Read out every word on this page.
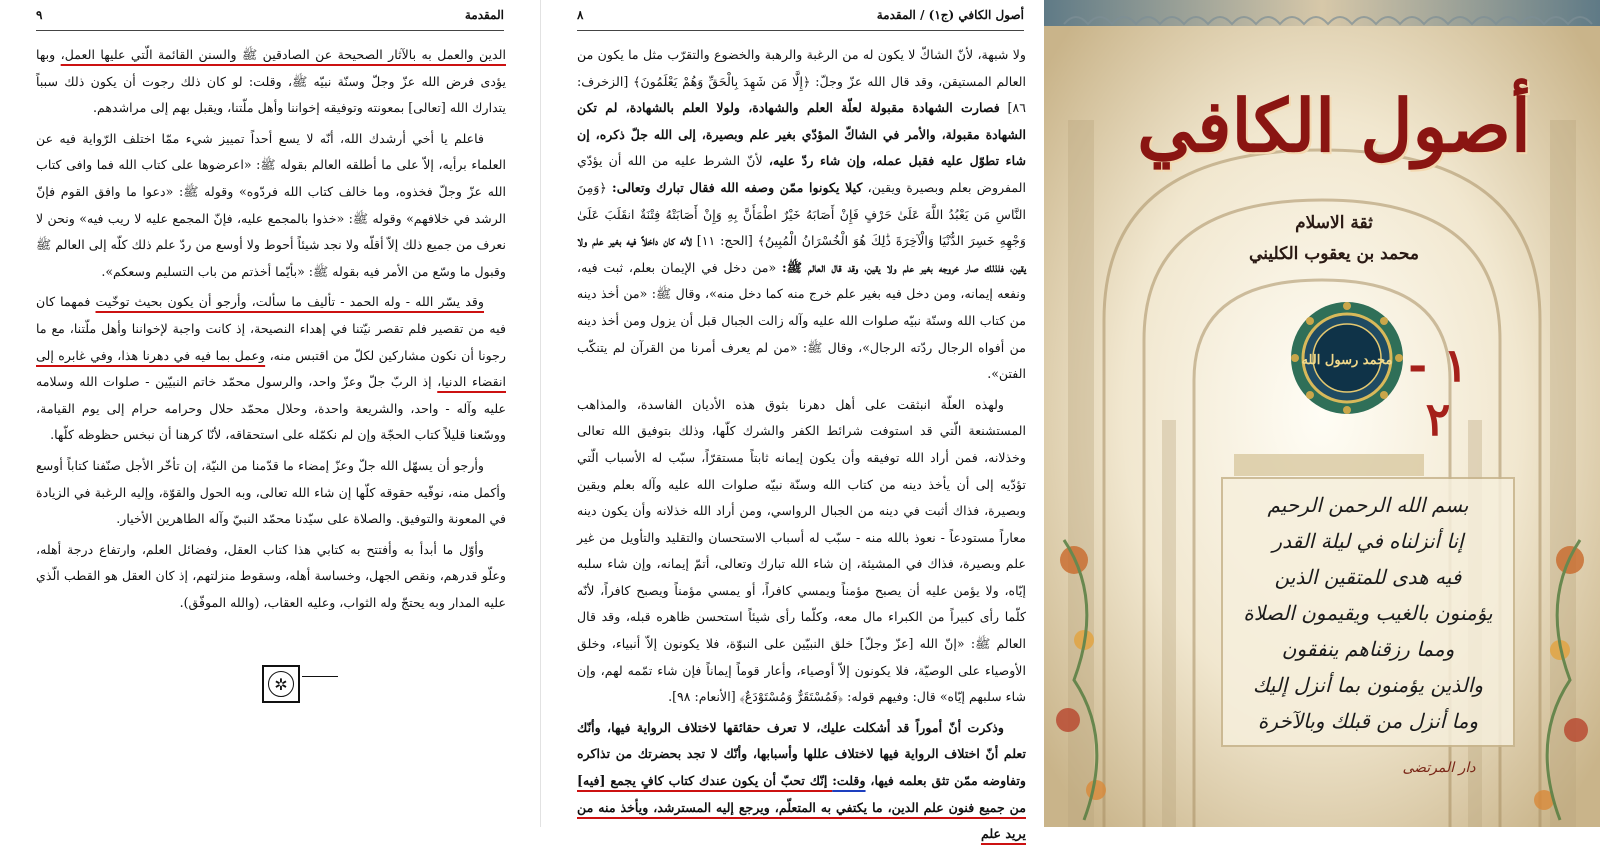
٩	المقدمة

الدين والعمل به بالآثار الصحيحة عن الصادقين ﷺ والسنن القائمة الّتي عليها العمل، وبها يؤدى فرض الله عزّ وجلّ وسنّة نبيّه ﷺ، وقلت: لو كان ذلك رجوت أن يكون ذلك سبباً يتدارك الله [تعالى] بمعونته وتوفيقه إخواننا وأهل ملّتنا، ويقبل بهم إلى مراشدهم.

فاعلم يا أخي أرشدك الله، أنّه لا يسع أحداً تمييز شيء ممّا اختلف الرّواية فيه عن العلماء برأيه، إلاّ على ما أطلقه العالم بقوله ﷺ: «اعرضوها على كتاب الله فما وافى كتاب الله عزّ وجلّ فخذوه، وما خالف كتاب الله فردّوه» وقوله ﷺ: «دعوا ما وافق القوم فإنّ الرشد في خلافهم» وقوله ﷺ: «خذوا بالمجمع عليه، فإنّ المجمع عليه لا ريب فيه» ونحن لا نعرف من جميع ذلك إلاّ أقلّه ولا نجد شيئاً أحوط ولا أوسع من ردّ علم ذلك كلّه إلى العالم ﷺ وقبول ما وسّع من الأمر فيه بقوله ﷺ: «بأيّما أخذتم من باب التسليم وسعكم».

وقد يسّر الله - وله الحمد - تأليف ما سألت، وأرجو أن يكون بحيث توخّيت فمهما كان فيه من تقصير فلم تقصر نيّتنا في إهداء النصيحة، إذ كانت واجبة لإخواننا وأهل ملّتنا، مع ما رجونا أن نكون مشاركين لكلّ من اقتبس منه، وعمل بما فيه في دهرنا هذا، وفي غابره إلى انقضاء الدنيا، إذ الربّ جلّ وعزّ واحد، والرسول محمّد خاتم النبيّين - صلوات الله وسلامه عليه وآله - واحد، والشريعة واحدة، وحلال محمّد حلال وحرامه حرام إلى يوم القيامة، ووسّعنا قليلاً كتاب الحجّة وإن لم نكمّله على استحقاقه، لأنّا كرهنا أن نبخس حظوظه كلّها.

وأرجو أن يسهّل الله جلّ وعزّ إمضاء ما قدّمنا من النيّة، إن تأخّر الأجل صنّفنا كتاباً أوسع وأكمل منه، نوفّيه حقوقه كلّها إن شاء الله تعالى، وبه الحول والقوّة، وإليه الرغبة في الزيادة في المعونة والتوفيق. والصلاة على سيّدنا محمّد النبيّ وآله الطاهرين الأخيار.

وأوّل ما أبدأ به وأفتتح به كتابي هذا كتاب العقل، وفضائل العلم، وارتفاع درجة أهله، وعلّو قدرهم، ونقص الجهل، وخساسة أهله، وسقوط منزلتهم، إذ كان العقل هو القطب الّذي عليه المدار وبه يحتجّ وله الثواب، وعليه العقاب، (والله الموفّق).

✲
٨	أصول الكافي (ج١) / المقدمة

ولا شبهة، لأنّ الشاكّ لا يكون له من الرغبة والرهبة والخضوع والتقرّب مثل ما يكون من العالم المستيقن، وقد قال الله عزّ وجلّ: ﴿إِلَّا مَن شَهِدَ بِالْحَقِّ وَهُمْ يَعْلَمُونَ﴾ [الزخرف: ٨٦] فصارت الشهادة مقبولة لعلّة العلم والشهادة، ولولا العلم بالشهادة، لم تكن الشهادة مقبولة، والأمر في الشاكّ المؤدّي بغير علم وبصيرة، إلى الله جلّ ذكره، إن شاء تطوّل عليه فقبل عمله، وإن شاء ردّ عليه، لأنّ الشرط عليه من الله أن يؤدّي المفروض بعلم وبصيرة ويقين، كيلا يكونوا ممّن وصفه الله فقال تبارك وتعالى: ﴿وَمِنَ النَّاسِ مَن يَعْبُدُ اللَّهَ عَلَىٰ حَرْفٍ فَإِنْ أَصَابَهُ خَيْرٌ اطْمَأَنَّ بِهِ وَإِنْ أَصَابَتْهُ فِتْنَةٌ انقَلَبَ عَلَىٰ وَجْهِهِ خَسِرَ الدُّنْيَا وَالْآخِرَةَ ذَٰلِكَ هُوَ الْخُسْرَانُ الْمُبِينُ﴾ [الحج: ١١] لأنه كان داخلاً فيه بغير علم ولا يقين، فلذلك صار خروجه بغير علم ولا يقين، وقد قال العالم ﷺ: «من دخل في الإيمان بعلم، ثبت فيه، ونفعه إيمانه، ومن دخل فيه بغير علم خرج منه كما دخل منه»، وقال ﷺ: «من أخذ دينه من كتاب الله وسنّة نبيّه صلوات الله عليه وآله زالت الجبال قبل أن يزول ومن أخذ دينه من أفواه الرجال ردّته الرجال»، وقال ﷺ: «من لم يعرف أمرنا من القرآن لم يتنكّب الفتن».

ولهذه العلّة انبثقت على أهل دهرنا بثوق هذه الأديان الفاسدة، والمذاهب المستشنعة الّتي قد استوفت شرائط الكفر والشرك كلّها، وذلك بتوفيق الله تعالى وخذلانه، فمن أراد الله توفيقه وأن يكون إيمانه ثابتاً مستقرّاً، سبّب له الأسباب الّتي تؤدّيه إلى أن يأخذ دينه من كتاب الله وسنّة نبيّه صلوات الله عليه وآله بعلم ويقين وبصيرة، فذاك أثبت في دينه من الجبال الرواسي، ومن أراد الله خذلانه وأن يكون دينه معاراً مستودعاً - نعوذ بالله منه - سبّب له أسباب الاستحسان والتقليد والتأويل من غير علم وبصيرة، فذاك في المشيئة، إن شاء الله تبارك وتعالى، أتمّ إيمانه، وإن شاء سلبه إيّاه، ولا يؤمن عليه أن يصبح مؤمناً ويمسي كافراً، أو يمسي مؤمناً ويصبح كافراً، لأنّه كلّما رأى كبيراً من الكبراء مال معه، وكلّما رأى شيئاً استحسن ظاهره قبله، وقد قال العالم ﷺ: «إنّ الله [عزّ وجلّ] خلق النبيّين على النبوّة، فلا يكونون إلاّ أنبياء، وخلق الأوصياء على الوصيّة، فلا يكونون إلاّ أوصياء، وأعار قوماً إيماناً فإن شاء تمّمه لهم، وإن شاء سلبهم إيّاه» قال: وفيهم قوله: ﴿فَمُسْتَقَرٌّ وَمُسْتَوْدَعٌ﴾ [الأنعام: ٩٨].

وذكرت أنّ أموراً قد أشكلت عليك، لا تعرف حقائقها لاختلاف الرواية فيها، وأنّك تعلم أنّ اختلاف الرواية فيها لاختلاف عللها وأسبابها، وأنّك لا تجد بحضرتك من تذاكره وتفاوضه ممّن تثق بعلمه فيها، وقلت: إنّك تحبّ أن يكون عندك كتاب كافٍ يجمع [فيه] من جميع فنون علم الدين، ما يكتفي به المتعلّم، ويرجع إليه المسترشد، ويأخذ منه من يريد علم

أصول الكافي
ثقة الاسلام
محمد بن يعقوب الكليني
محمد رسول الله ١ - ٢
بسم الله الرحمن الرحيم
إنا أنزلناه في ليلة القدر
فيه هدى للمتقين الذين
يؤمنون بالغيب ويقيمون الصلاة
ومما رزقناهم ينفقون
والذين يؤمنون بما أنزل إليك
وما أنزل من قبلك وبالآخرة
دار المرتضى
